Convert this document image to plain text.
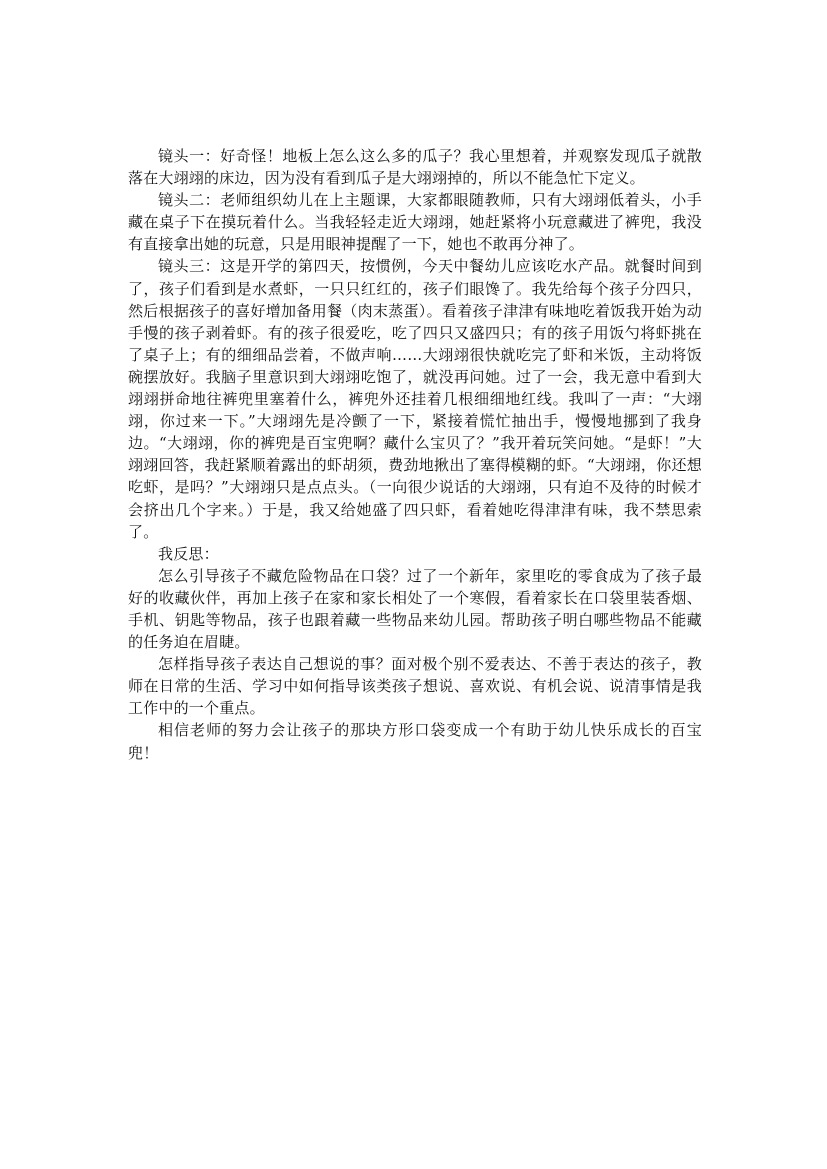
镜头一：好奇怪！地板上怎么这么多的瓜子？我心里想着，并观察发现瓜子就散落在大翊翊的床边，因为没有看到瓜子是大翊翊掉的，所以不能急忙下定义。

镜头二：老师组织幼儿在上主题课，大家都眼随教师，只有大翊翊低着头，小手藏在桌子下在摸玩着什么。当我轻轻走近大翊翊，她赶紧将小玩意藏进了裤兜，我没有直接拿出她的玩意，只是用眼神提醒了一下，她也不敢再分神了。

镜头三：这是开学的第四天，按惯例，今天中餐幼儿应该吃水产品。就餐时间到了，孩子们看到是水煮虾，一只只红红的，孩子们眼馋了。我先给每个孩子分四只，然后根据孩子的喜好增加备用餐（肉末蒸蛋）。看着孩子津津有味地吃着饭我开始为动手慢的孩子剥着虾。有的孩子很爱吃，吃了四只又盛四只；有的孩子用饭勺将虾挑在了桌子上；有的细细品尝着，不做声响……大翊翊很快就吃完了虾和米饭，主动将饭碗摆放好。我脑子里意识到大翊翊吃饱了，就没再问她。过了一会，我无意中看到大翊翊拼命地往裤兜里塞着什么，裤兜外还挂着几根细细地红线。我叫了一声：“大翊翊，你过来一下。”大翊翊先是冷颤了一下，紧接着慌忙抽出手，慢慢地挪到了我身边。“大翊翊，你的裤兜是百宝兜啊？藏什么宝贝了？”我开着玩笑问她。“是虾！”大翊翊回答，我赶紧顺着露出的虾胡须，费劲地揪出了塞得模糊的虾。“大翊翊，你还想吃虾，是吗？”大翊翊只是点点头。（一向很少说话的大翊翊，只有迫不及待的时候才会挤出几个字来。）于是，我又给她盛了四只虾，看着她吃得津津有味，我不禁思索了。

我反思：

怎么引导孩子不藏危险物品在口袋？过了一个新年，家里吃的零食成为了孩子最好的收藏伙伴，再加上孩子在家和家长相处了一个寒假，看着家长在口袋里装香烟、手机、钥匙等物品，孩子也跟着藏一些物品来幼儿园。帮助孩子明白哪些物品不能藏的任务迫在眉睫。

怎样指导孩子表达自己想说的事？面对极个别不爱表达、不善于表达的孩子，教师在日常的生活、学习中如何指导该类孩子想说、喜欢说、有机会说、说清事情是我工作中的一个重点。

相信老师的努力会让孩子的那块方形口袋变成一个有助于幼儿快乐成长的百宝兜！
